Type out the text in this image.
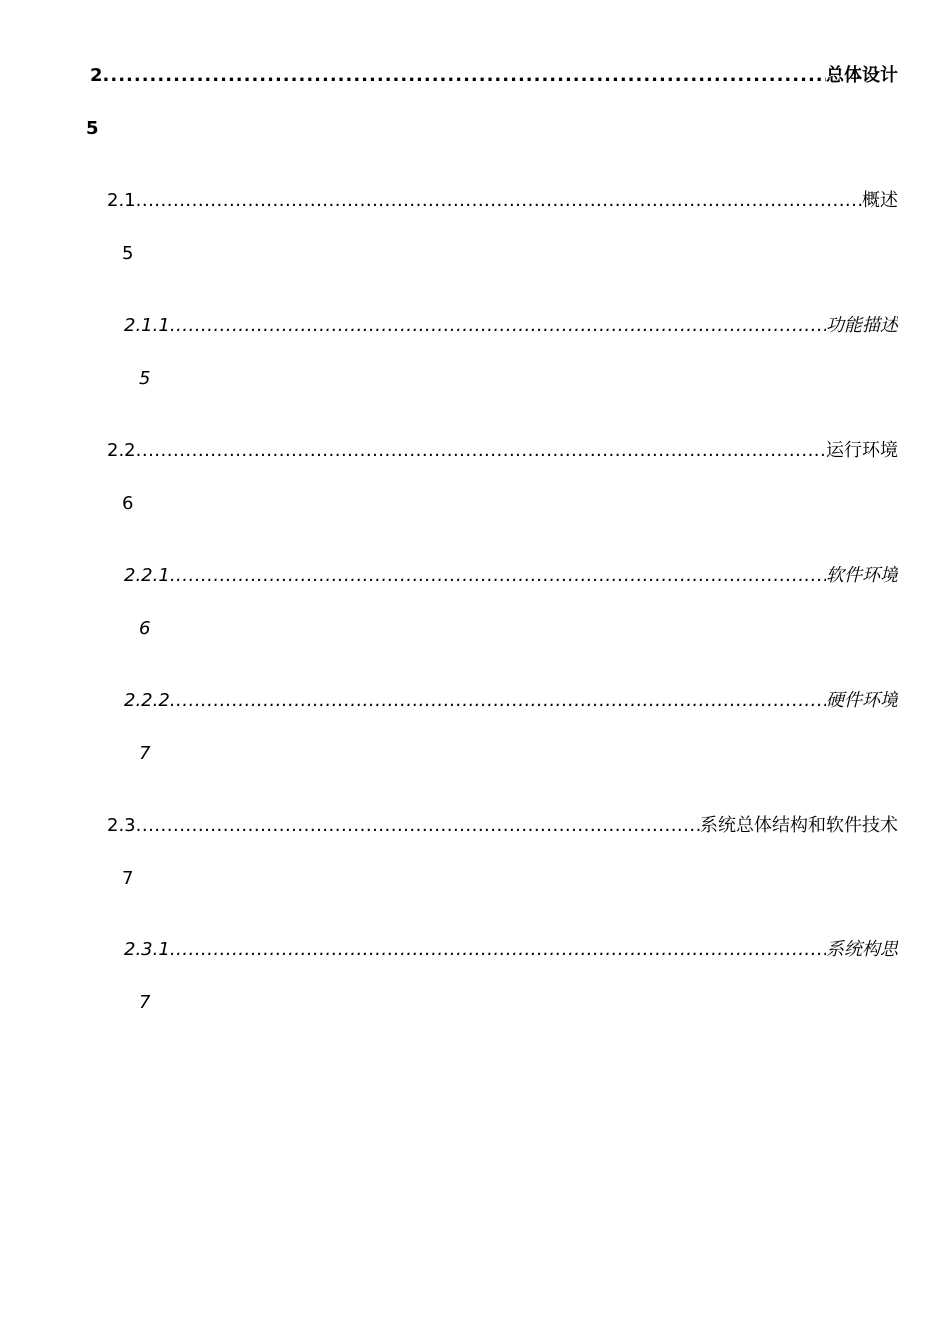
2 .....	总体设计
5
2.1 .....	概述
5
2.1.1 .....	功能描述
5
2.2 .....	运行环境
6
2.2.1 .....	软件环境
6
2.2.2 .....	硬件环境
7
2.3 .....	系统总体结构和软件技术
7
2.3.1 .....	系统构思
7
